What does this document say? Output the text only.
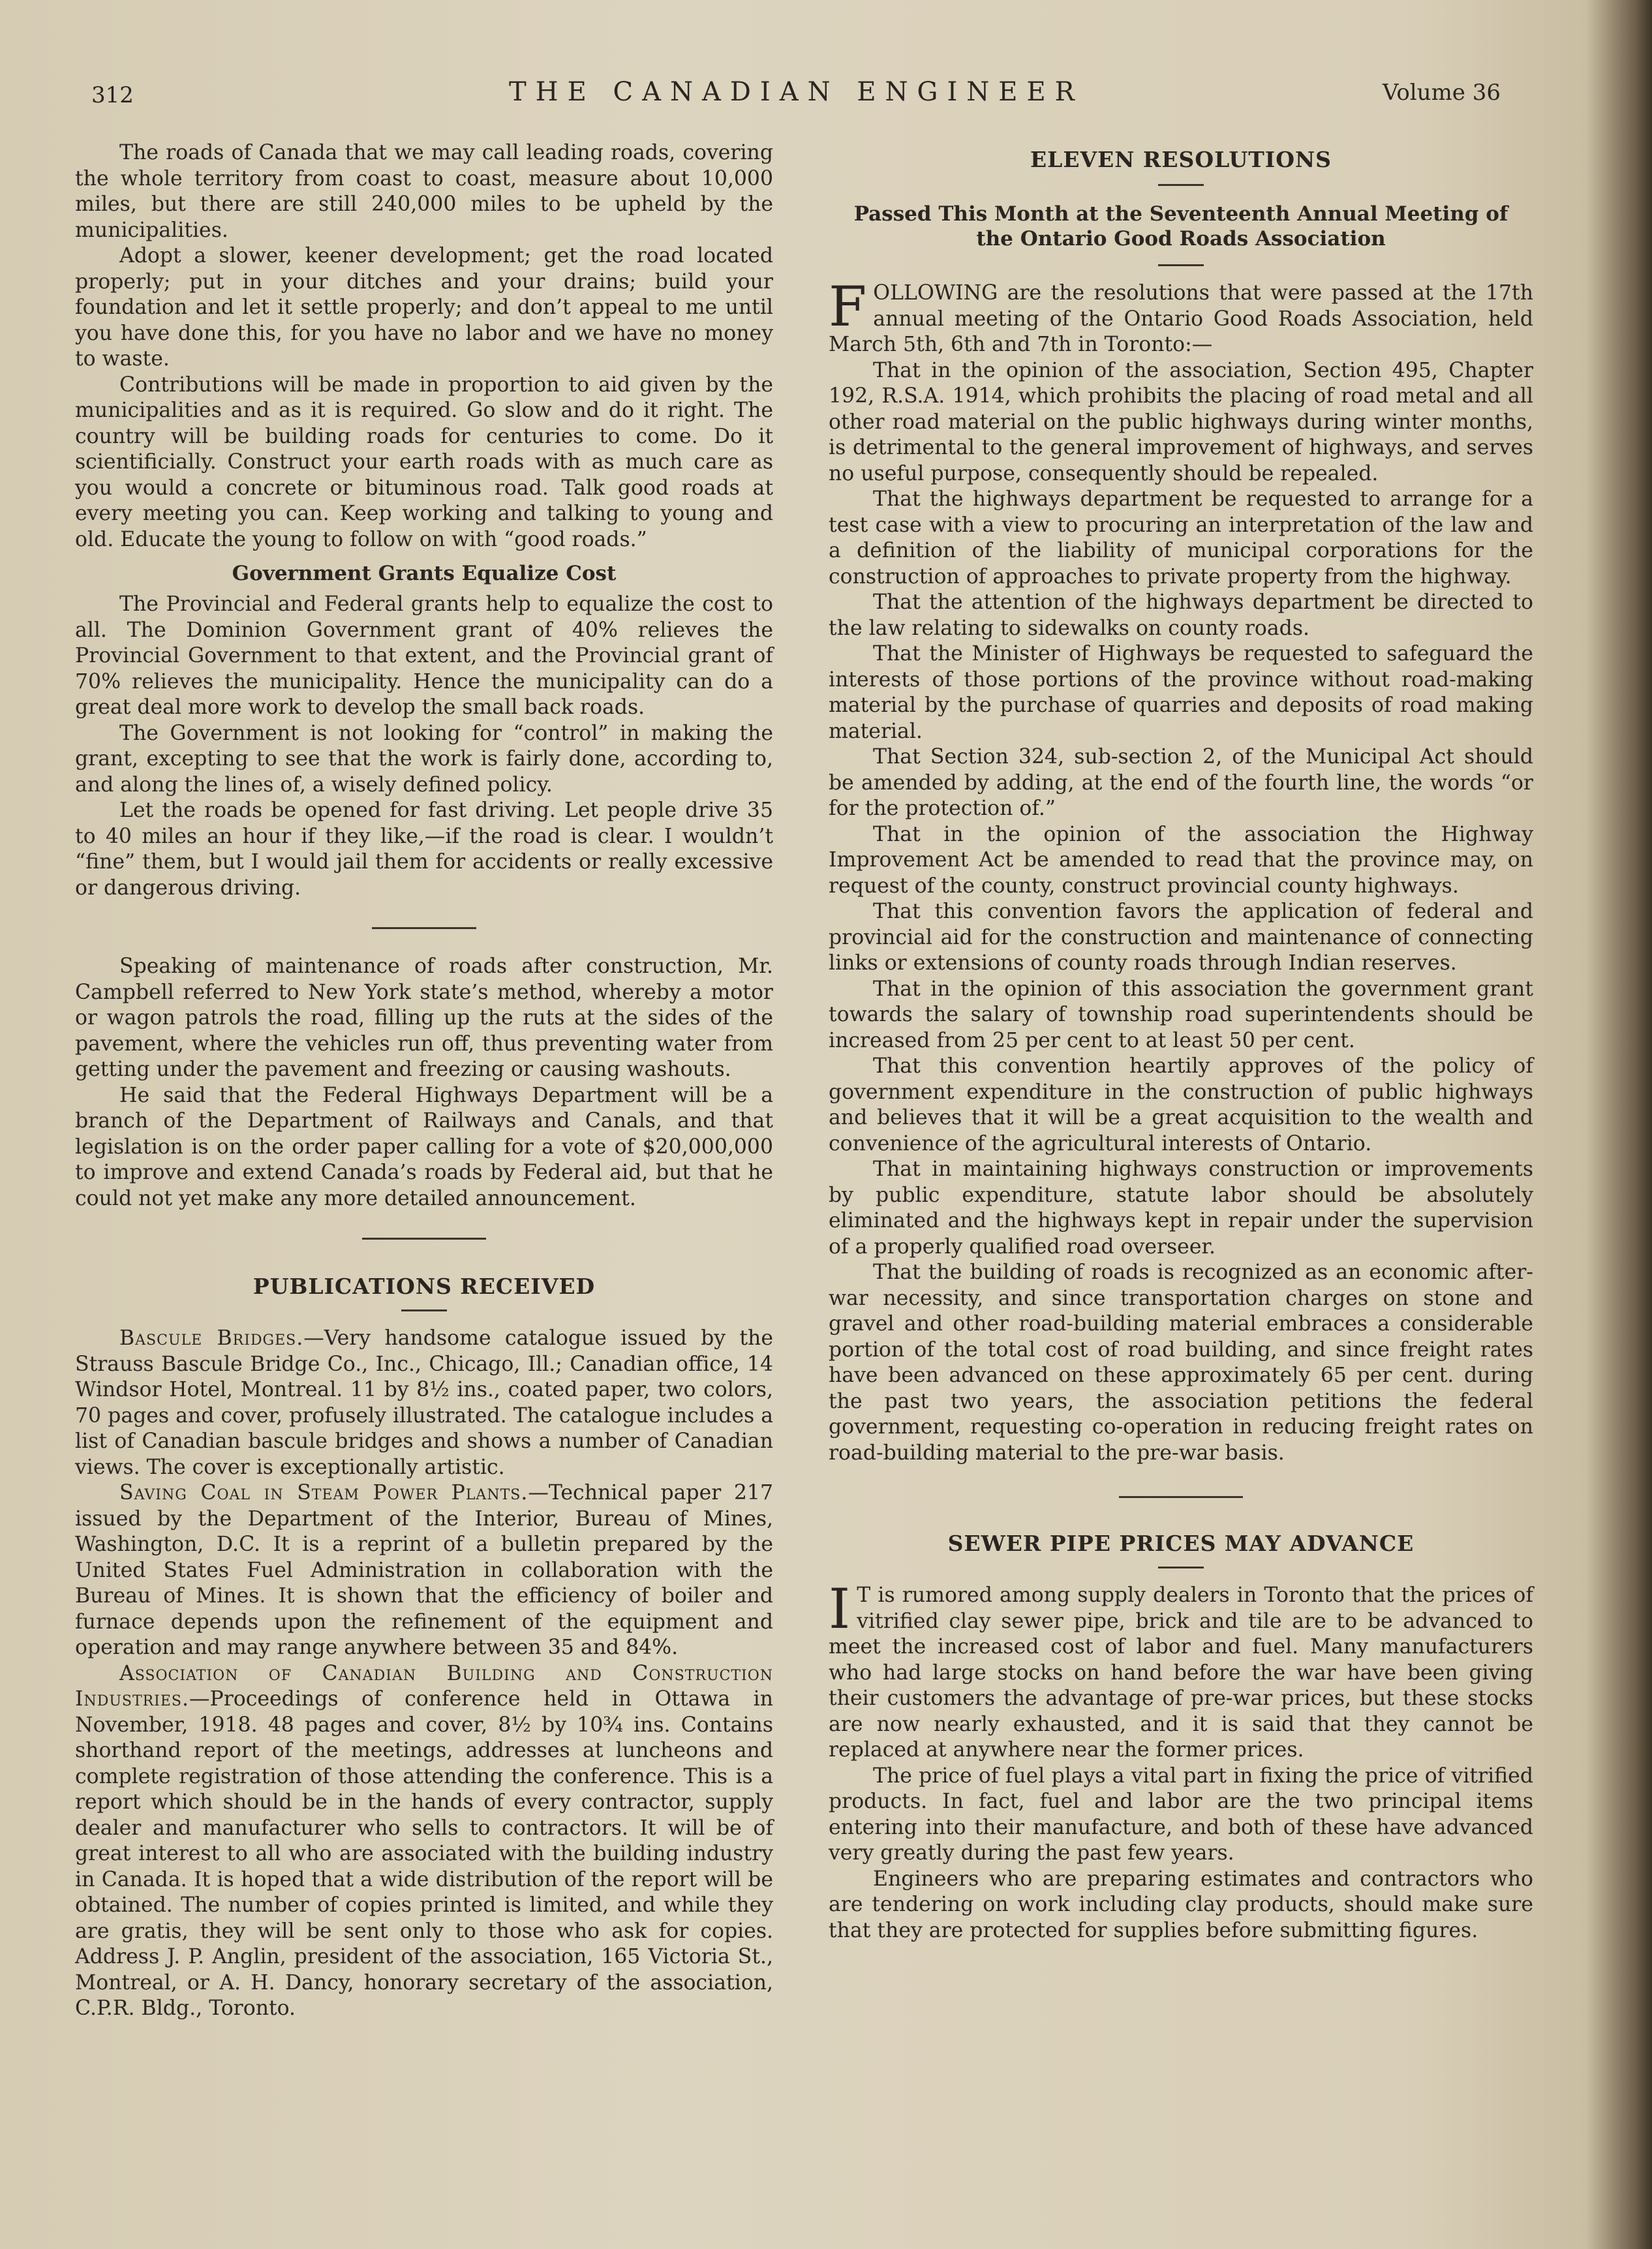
312	THE CANADIAN ENGINEER	Volume 36

The roads of Canada that we may call leading roads, covering the whole territory from coast to coast, measure about 10,000 miles, but there are still 240,000 miles to be upheld by the municipalities.

Adopt a slower, keener development; get the road located properly; put in your ditches and your drains; build your foundation and let it settle properly; and don’t appeal to me until you have done this, for you have no labor and we have no money to waste.

Contributions will be made in proportion to aid given by the municipalities and as it is required. Go slow and do it right. The country will be building roads for centuries to come. Do it scientificially. Construct your earth roads with as much care as you would a concrete or bituminous road. Talk good roads at every meeting you can. Keep working and talking to young and old. Educate the young to follow on with “good roads.”

Government Grants Equalize Cost

The Provincial and Federal grants help to equalize the cost to all. The Dominion Government grant of 40% relieves the Provincial Government to that extent, and the Provincial grant of 70% relieves the municipality. Hence the municipality can do a great deal more work to develop the small back roads.

The Government is not looking for “control” in making the grant, excepting to see that the work is fairly done, according to, and along the lines of, a wisely defined policy.

Let the roads be opened for fast driving. Let people drive 35 to 40 miles an hour if they like,—if the road is clear. I wouldn’t “fine” them, but I would jail them for accidents or really excessive or dangerous driving.

Speaking of maintenance of roads after construction, Mr. Campbell referred to New York state’s method, whereby a motor or wagon patrols the road, filling up the ruts at the sides of the pavement, where the vehicles run off, thus preventing water from getting under the pavement and freezing or causing washouts.

He said that the Federal Highways Department will be a branch of the Department of Railways and Canals, and that legislation is on the order paper calling for a vote of $20,000,000 to improve and extend Canada’s roads by Federal aid, but that he could not yet make any more detailed announcement.

PUBLICATIONS RECEIVED

Bascule Bridges.—Very handsome catalogue issued by the Strauss Bascule Bridge Co., Inc., Chicago, Ill.; Canadian office, 14 Windsor Hotel, Montreal. 11 by 8½ ins., coated paper, two colors, 70 pages and cover, profusely illustrated. The catalogue includes a list of Canadian bascule bridges and shows a number of Canadian views. The cover is exceptionally artistic.

Saving Coal in Steam Power Plants.—Technical paper 217 issued by the Department of the Interior, Bureau of Mines, Washington, D.C. It is a reprint of a bulletin prepared by the United States Fuel Administration in collaboration with the Bureau of Mines. It is shown that the efficiency of boiler and furnace depends upon the refinement of the equipment and operation and may range anywhere between 35 and 84%.

Association of Canadian Building and Construction Industries.—Proceedings of conference held in Ottawa in November, 1918. 48 pages and cover, 8½ by 10¾ ins. Contains shorthand report of the meetings, addresses at luncheons and complete registration of those attending the conference. This is a report which should be in the hands of every contractor, supply dealer and manufacturer who sells to contractors. It will be of great interest to all who are associated with the building industry in Canada. It is hoped that a wide distribution of the report will be obtained. The number of copies printed is limited, and while they are gratis, they will be sent only to those who ask for copies. Address J. P. Anglin, president of the association, 165 Victoria St., Montreal, or A. H. Dancy, honorary secretary of the association, C.P.R. Bldg., Toronto.

ELEVEN RESOLUTIONS
Passed This Month at the Seventeenth Annual Meeting of the Ontario Good Roads Association

FOLLOWING are the resolutions that were passed at the 17th annual meeting of the Ontario Good Roads Association, held March 5th, 6th and 7th in Toronto:—

That in the opinion of the association, Section 495, Chapter 192, R.S.A. 1914, which prohibits the placing of road metal and all other road material on the public highways during winter months, is detrimental to the general improvement of highways, and serves no useful purpose, consequently should be repealed.

That the highways department be requested to arrange for a test case with a view to procuring an interpretation of the law and a definition of the liability of municipal corporations for the construction of approaches to private property from the highway.

That the attention of the highways department be directed to the law relating to sidewalks on county roads.

That the Minister of Highways be requested to safeguard the interests of those portions of the province without road-making material by the purchase of quarries and deposits of road making material.

That Section 324, sub-section 2, of the Municipal Act should be amended by adding, at the end of the fourth line, the words “or for the protection of.”

That in the opinion of the association the Highway Improvement Act be amended to read that the province may, on request of the county, construct provincial county highways.

That this convention favors the application of federal and provincial aid for the construction and maintenance of connecting links or extensions of county roads through Indian reserves.

That in the opinion of this association the government grant towards the salary of township road superintendents should be increased from 25 per cent to at least 50 per cent.

That this convention heartily approves of the policy of government expenditure in the construction of public highways and believes that it will be a great acquisition to the wealth and convenience of the agricultural interests of Ontario.

That in maintaining highways construction or improvements by public expenditure, statute labor should be absolutely eliminated and the highways kept in repair under the supervision of a properly qualified road overseer.

That the building of roads is recognized as an economic after-war necessity, and since transportation charges on stone and gravel and other road-building material embraces a considerable portion of the total cost of road building, and since freight rates have been advanced on these approximately 65 per cent. during the past two years, the association petitions the federal government, requesting co-operation in reducing freight rates on road-building material to the pre-war basis.

SEWER PIPE PRICES MAY ADVANCE

I T is rumored among supply dealers in Toronto that the prices of vitrified clay sewer pipe, brick and tile are to be advanced to meet the increased cost of labor and fuel. Many manufacturers who had large stocks on hand before the war have been giving their customers the advantage of pre-war prices, but these stocks are now nearly exhausted, and it is said that they cannot be replaced at anywhere near the former prices.

The price of fuel plays a vital part in fixing the price of vitrified products. In fact, fuel and labor are the two principal items entering into their manufacture, and both of these have advanced very greatly during the past few years.

Engineers who are preparing estimates and contractors who are tendering on work including clay products, should make sure that they are protected for supplies before submitting figures.
